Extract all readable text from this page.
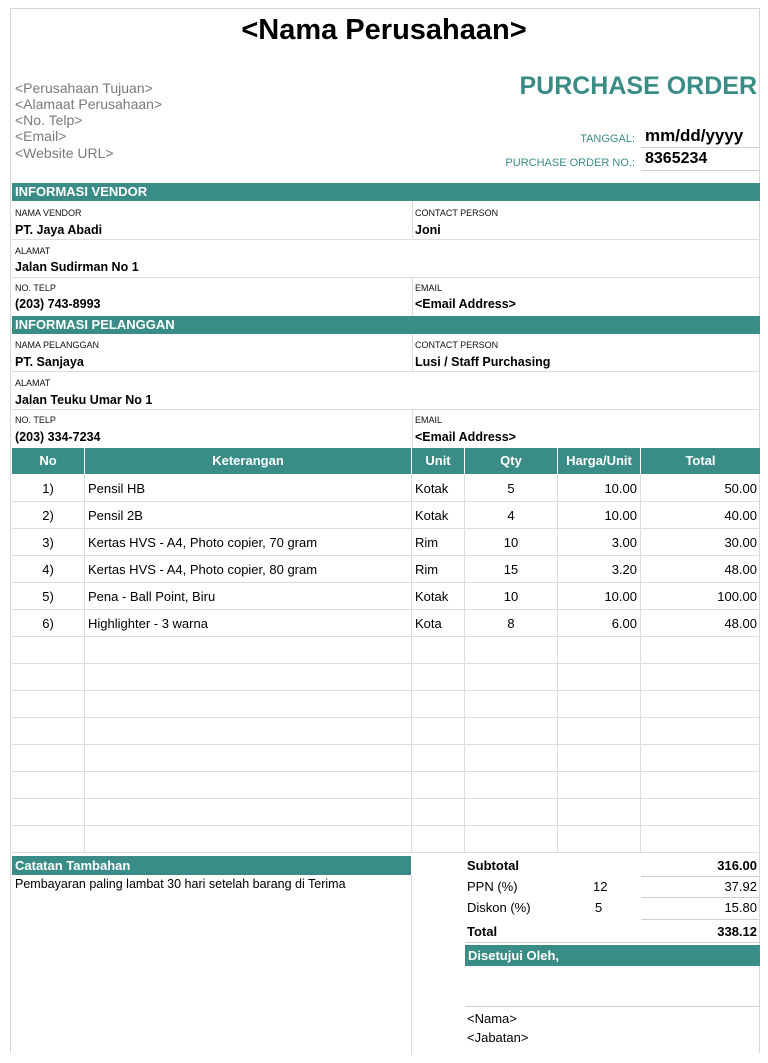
<Nama Perusahaan>
<Perusahaan Tujuan>
<Alamaat Perusahaan>
<No. Telp>
<Email>
<Website URL>
PURCHASE ORDER
TANGGAL: mm/dd/yyyy
PURCHASE ORDER NO.: 8365234
INFORMASI VENDOR
NAMA VENDOR
PT. Jaya Abadi
CONTACT PERSON
Joni
ALAMAT
Jalan Sudirman No 1
NO. TELP
(203) 743-8993
EMAIL
<Email Address>
INFORMASI PELANGGAN
NAMA PELANGGAN
PT. Sanjaya
CONTACT PERSON
Lusi / Staff Purchasing
ALAMAT
Jalan Teuku Umar No 1
NO. TELP
(203) 334-7234
EMAIL
<Email Address>
No	Keterangan	Unit	Qty	Harga/Unit	Total
1)	Pensil HB	Kotak	5	10.00	50.00
2)	Pensil 2B	Kotak	4	10.00	40.00
3)	Kertas HVS - A4, Photo copier, 70 gram	Rim	10	3.00	30.00
4)	Kertas HVS - A4, Photo copier, 80 gram	Rim	15	3.20	48.00
5)	Pena - Ball Point, Biru	Kotak	10	10.00	100.00
6)	Highlighter - 3 warna	Kota	8	6.00	48.00
Catatan Tambahan
Pembayaran paling lambat 30 hari setelah barang di Terima
Subtotal	316.00
PPN (%)	12	37.92
Diskon (%)	5	15.80
Total	338.12
Disetujui Oleh,
<Nama>
<Jabatan>
